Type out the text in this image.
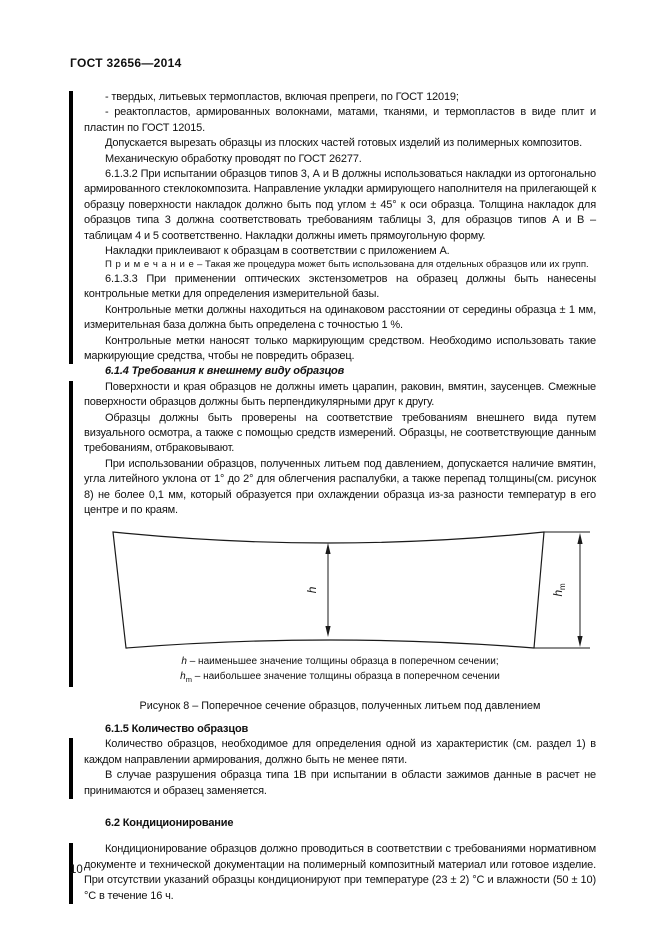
ГОСТ 32656—2014

- твердых, литьевых термопластов, включая препреги, по ГОСТ 12019;

- реактопластов, армированных волокнами, матами, тканями, и термопластов в виде плит и пластин по ГОСТ 12015.

Допускается вырезать образцы из плоских частей готовых изделий из полимерных композитов.

Механическую обработку проводят по ГОСТ 26277.

6.1.3.2 При испытании образцов типов 3, А и В должны использоваться накладки из ортогонально армированного стеклокомпозита. Направление укладки армирующего наполнителя на прилегающей к образцу поверхности накладок должно быть под углом ± 45° к оси образца. Толщина накладок для образцов типа 3 должна соответствовать требованиям таблицы 3, для образцов типов А и В – таблицам 4 и 5 соответственно. Накладки должны иметь прямоугольную форму.

Накладки приклеивают к образцам в соответствии с приложением А.

П р и м е ч а н и е – Такая же процедура может быть использована для отдельных образцов или их групп.

6.1.3.3 При применении оптических экстензометров на образец должны быть нанесены контрольные метки для определения измерительной базы.

Контрольные метки должны находиться на одинаковом расстоянии от середины образца ± 1 мм, измерительная база должна быть определена с точностью 1 %.

Контрольные метки наносят только маркирующим средством. Необходимо использовать такие маркирующие средства, чтобы не повредить образец.

6.1.4 Требования к внешнему виду образцов

Поверхности и края образцов не должны иметь царапин, раковин, вмятин, заусенцев. Смежные поверхности образцов должны быть перпендикулярными друг к другу.

Образцы должны быть проверены на соответствие требованиям внешнего вида путем визуального осмотра, а также с помощью средств измерений. Образцы, не соответствующие данным требованиям, отбраковывают.

При использовании образцов, полученных литьем под давлением, допускается наличие вмятин, угла литейного уклона от 1° до 2° для облегчения распалубки, а также перепад толщины(см. рисунок 8) не более 0,1 мм, который образуется при охлаждении образца из-за разности температур в его центре и по краям.

h	$h_m$

h – наименьшее значение толщины образца в поперечном сечении;

$h_m$ – наибольшее значение толщины образца в поперечном сечении

Рисунок 8 – Поперечное сечение образцов, полученных литьем под давлением

6.1.5 Количество образцов

Количество образцов, необходимое для определения одной из характеристик (см. раздел 1) в каждом направлении армирования, должно быть не менее пяти.

В случае разрушения образца типа 1В при испытании в области зажимов данные в расчет не принимаются и образец заменяется.

6.2 Кондиционирование

Кондиционирование образцов должно проводиться в соответствии с требованиями нормативном документе и технической документации на полимерный композитный материал или готовое изделие. При отсутствии указаний образцы кондиционируют при температуре (23 ± 2) °С и влажности (50 ± 10) °С в течение 16 ч.

10
